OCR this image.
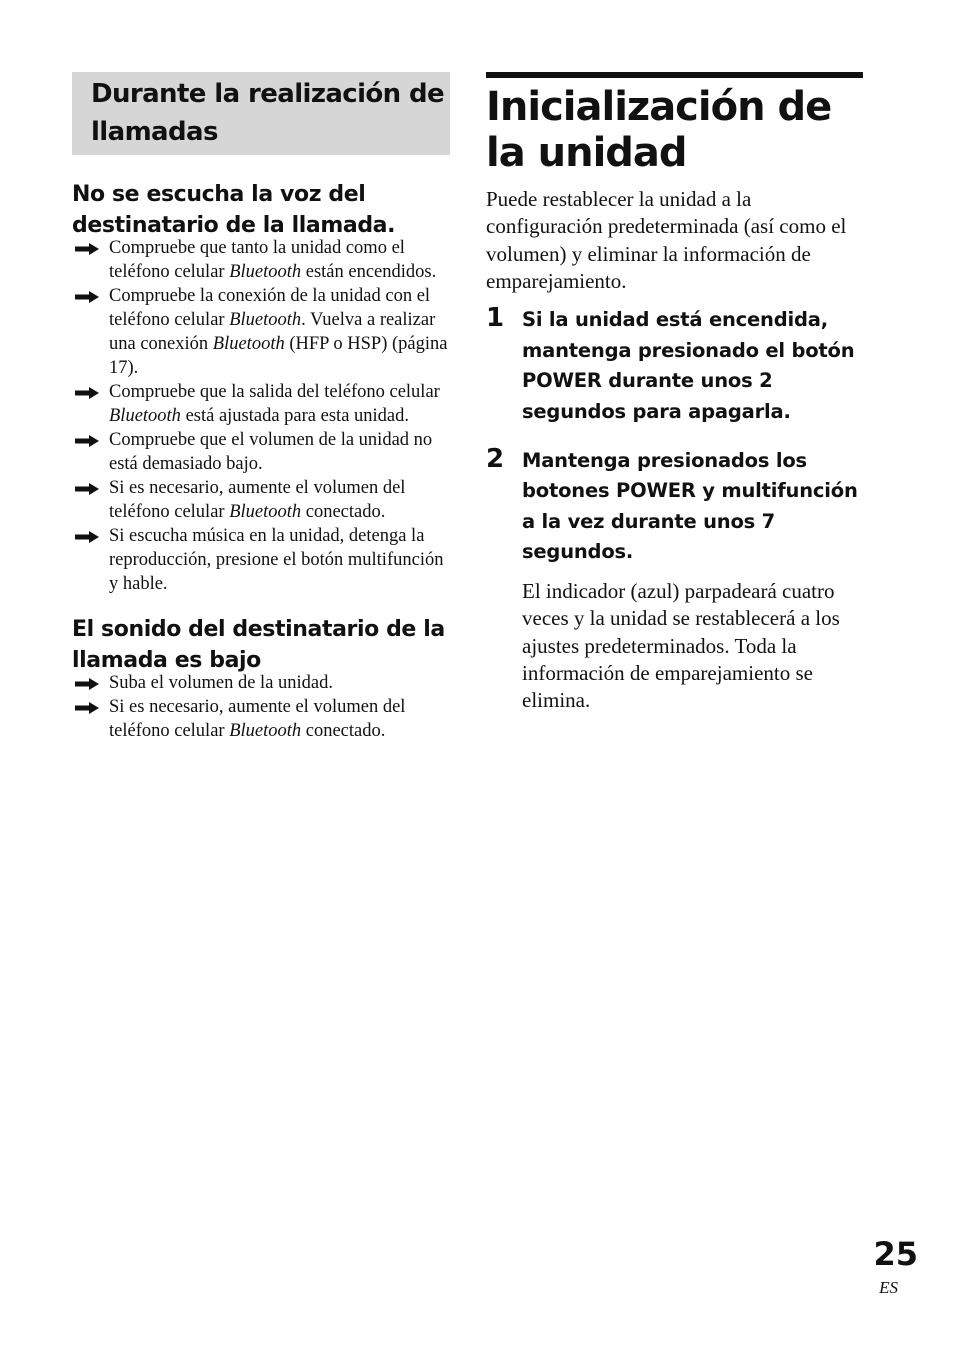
Durante la realización de llamadas
No se escucha la voz del destinatario de la llamada.
Compruebe que tanto la unidad como el teléfono celular Bluetooth están encendidos.
Compruebe la conexión de la unidad con el teléfono celular Bluetooth. Vuelva a realizar una conexión Bluetooth (HFP o HSP) (página 17).
Compruebe que la salida del teléfono celular Bluetooth está ajustada para esta unidad.
Compruebe que el volumen de la unidad no está demasiado bajo.
Si es necesario, aumente el volumen del teléfono celular Bluetooth conectado.
Si escucha música en la unidad, detenga la reproducción, presione el botón multifunción y hable.
El sonido del destinatario de la llamada es bajo
Suba el volumen de la unidad.
Si es necesario, aumente el volumen del teléfono celular Bluetooth conectado.
Inicialización de la unidad

Puede restablecer la unidad a la configuración predeterminada (así como el volumen) y eliminar la información de emparejamiento.

1 Si la unidad está encendida, mantenga presionado el botón POWER durante unos 2 segundos para apagarla.
2 Mantenga presionados los botones POWER y multifunción a la vez durante unos 7 segundos.
El indicador (azul) parpadeará cuatro veces y la unidad se restablecerá a los ajustes predeterminados. Toda la información de emparejamiento se elimina.
25
ES
